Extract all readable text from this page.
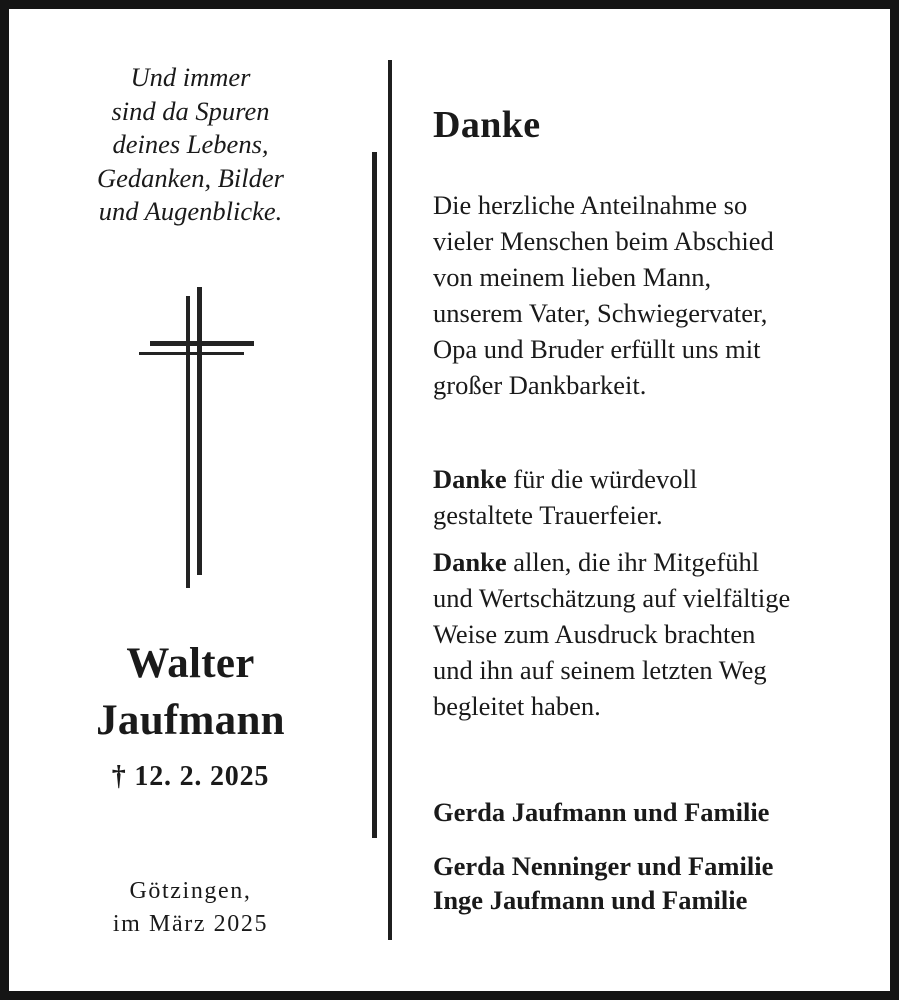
Und immer
sind da Spuren
deines Lebens,
Gedanken, Bilder
und Augenblicke.
Walter
Jaufmann
† 12. 2. 2025
Götzingen,
im März 2025
Danke
Die herzliche Anteilnahme so
vieler Menschen beim Abschied
von meinem lieben Mann,
unserem Vater, Schwiegervater,
Opa und Bruder erfüllt uns mit
großer Dankbarkeit.
Danke für die würdevoll
gestaltete Trauerfeier.
Danke allen, die ihr Mitgefühl
und Wertschätzung auf vielfältige
Weise zum Ausdruck brachten
und ihn auf seinem letzten Weg
begleitet haben.
Gerda Jaufmann und Familie
Gerda Nenninger und Familie
Inge Jaufmann und Familie
